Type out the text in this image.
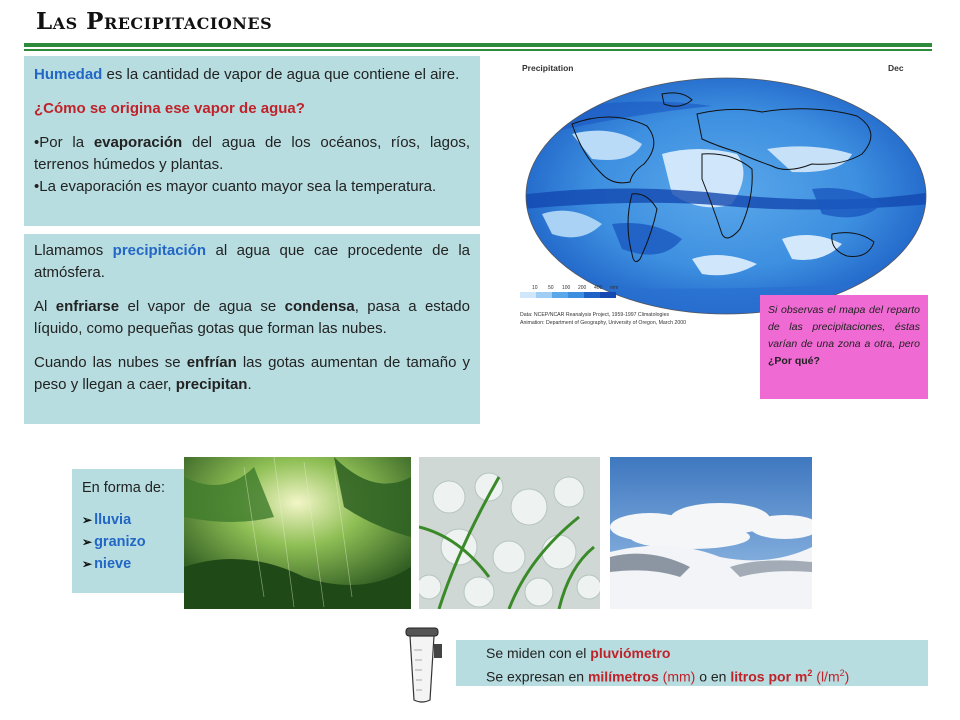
Las Precipitaciones

Humedad es la cantidad de vapor de agua que contiene el aire.

¿Cómo se origina ese vapor de agua?

•Por la evaporación del agua de los océanos, ríos, lagos, terrenos húmedos y plantas.

•La evaporación es mayor cuanto mayor sea la temperatura.

Llamamos precipitación al agua que cae procedente de la atmósfera.

Al enfriarse el vapor de agua se condensa, pasa a estado líquido, como pequeñas gotas que forman las nubes.

Cuando las nubes se enfrían las gotas aumentan de tamaño y peso y llegan a caer, precipitan.

Precipitation	Dec
10 50 100 200 400 mm
Data: NCEP/NCAR Reanalysis Project, 1959-1997 Climatologies
Animation: Department of Geography, University of Oregon, March 2000
Si observas el mapa del reparto de las precipitaciones, éstas varían de una zona a otra, pero ¿Por qué?
En forma de:
➢ lluvia
➢ granizo
➢ nieve
Se miden con el pluviómetro
Se expresan en milímetros (mm) o en litros por $m^2$ $(l/m^2)$
